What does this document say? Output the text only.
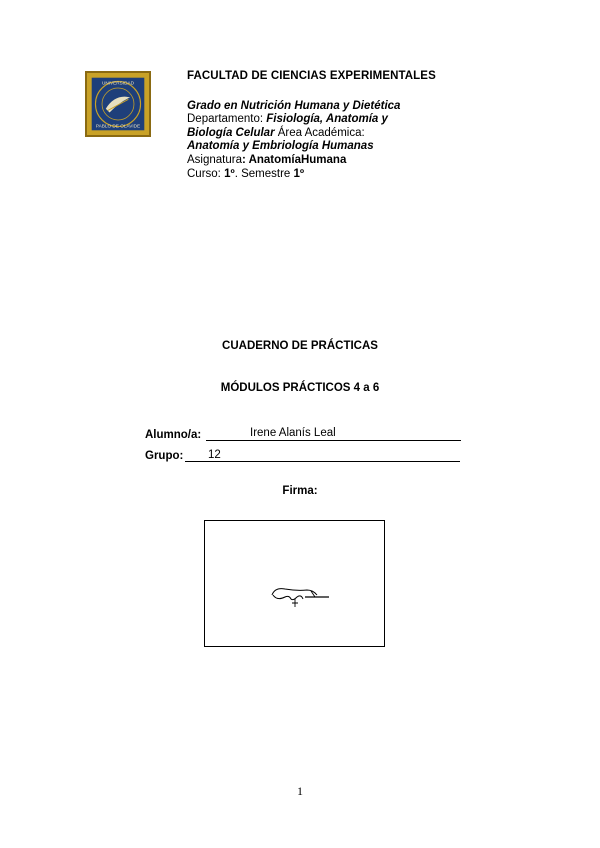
UNIVERSIDAD
PABLO DE OLAVIDE
FACULTAD DE CIENCIAS EXPERIMENTALES
Grado en Nutrición Humana y Dietética
Departamento: Fisiología, Anatomía y
Biología Celular Área Académica:
Anatomía y Embriología Humanas
Asignatura: AnatomíaHumana
Curso: 1º. Semestre 1º
CUADERNO DE PRÁCTICAS
MÓDULOS PRÁCTICOS 4 a 6
Alumno/a:	Irene Alanís Leal
Grupo: 12
Firma:
1
